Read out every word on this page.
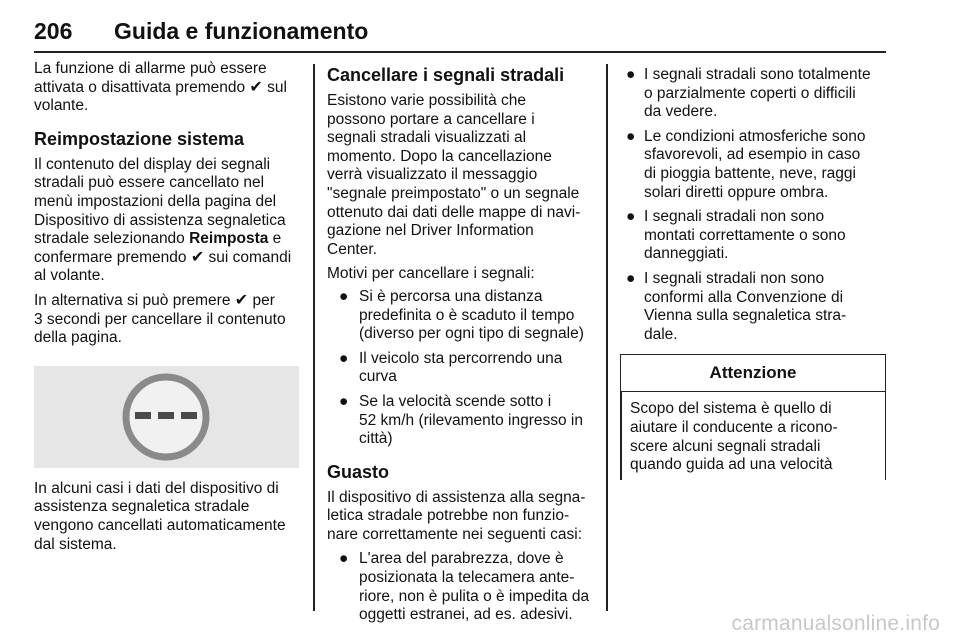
206 Guida e funzionamento

La funzione di allarme può essere
attivata o disattivata premendo ✔ sul
volante.

Reimpostazione sistema

Il contenuto del display dei segnali
stradali può essere cancellato nel
menù impostazioni della pagina del
Dispositivo di assistenza segnaletica
stradale selezionando Reimposta e
confermare premendo ✔ sui comandi
al volante.

In alternativa si può premere ✔ per
3 secondi per cancellare il contenuto
della pagina.

In alcuni casi i dati del dispositivo di
assistenza segnaletica stradale
vengono cancellati automaticamente
dal sistema.

Cancellare i segnali stradali

Esistono varie possibilità che
possono portare a cancellare i
segnali stradali visualizzati al
momento. Dopo la cancellazione
verrà visualizzato il messaggio
"segnale preimpostato" o un segnale
ottenuto dai dati delle mappe di navi-
gazione nel Driver Information
Center.

Motivi per cancellare i segnali:

● Si è percorsa una distanza
predefinita o è scaduto il tempo
(diverso per ogni tipo di segnale)
● Il veicolo sta percorrendo una
curva
● Se la velocità scende sotto i
52 km/h (rilevamento ingresso in
città)
Guasto

Il dispositivo di assistenza alla segna-
letica stradale potrebbe non funzio-
nare correttamente nei seguenti casi:

● L'area del parabrezza, dove è
posizionata la telecamera ante-
riore, non è pulita o è impedita da
oggetti estranei, ad es. adesivi.
● I segnali stradali sono totalmente
o parzialmente coperti o difficili
da vedere.
● Le condizioni atmosferiche sono
sfavorevoli, ad esempio in caso
di pioggia battente, neve, raggi
solari diretti oppure ombra.
● I segnali stradali non sono
montati correttamente o sono
danneggiati.
● I segnali stradali non sono
conformi alla Convenzione di
Vienna sulla segnaletica stra-
dale.
Attenzione
Scopo del sistema è quello di
aiutare il conducente a ricono-
scere alcuni segnali stradali
quando guida ad una velocità
carmanualsonline.info
